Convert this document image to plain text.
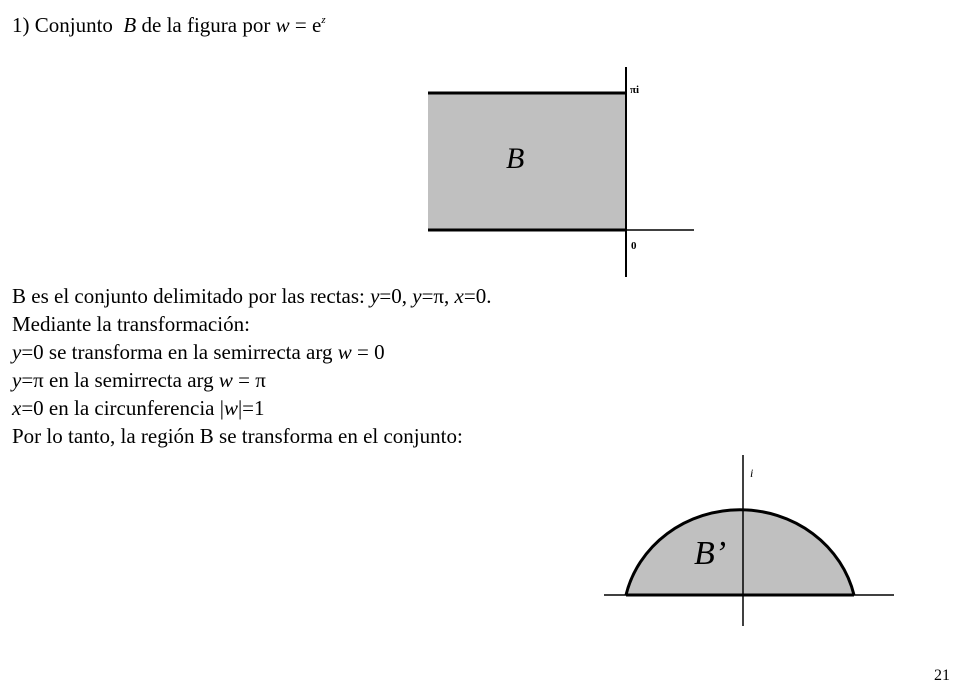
1) Conjunto B de la figura por $w = e^z$
B
πi
0
B es el conjunto delimitado por las rectas: y=0, y=π, x=0.
Mediante la transformación:
y=0 se transforma en la semirrecta arg w = 0
y=π en la semirrecta arg w = π
x=0 en la circunferencia |w|=1
Por lo tanto, la región B se transforma en el conjunto:
B’
i
21
